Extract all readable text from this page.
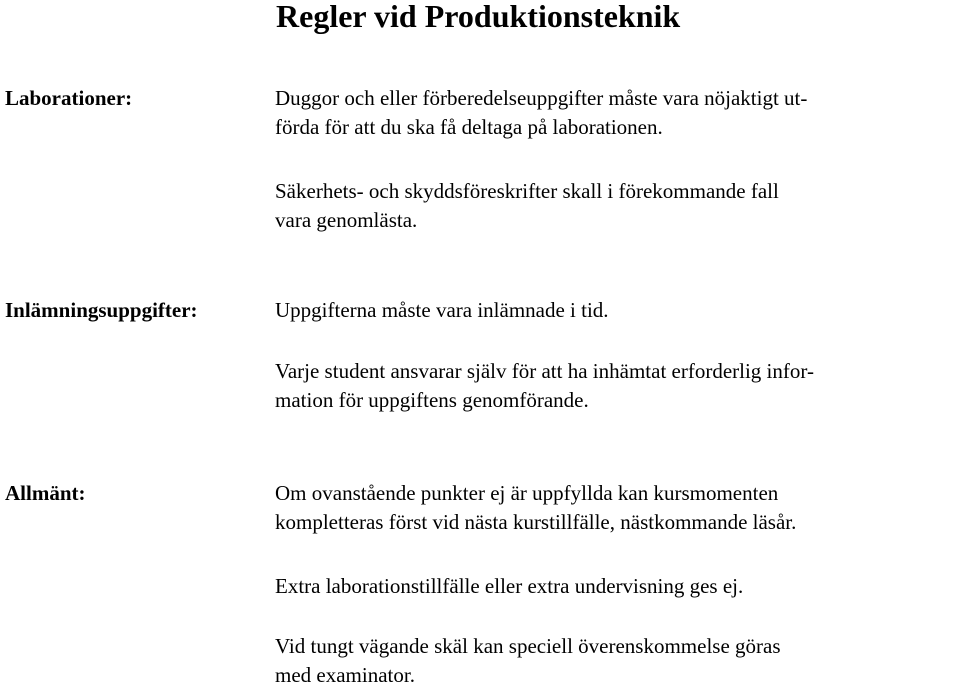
Regler vid Produktionsteknik
Laborationer:	Duggor och eller förberedelseuppgifter måste vara nöjaktigt ut-
förda för att du ska få deltaga på laborationen.

Säkerhets- och skyddsföreskrifter skall i förekommande fall
vara genomlästa.

Inlämningsuppgifter:	Uppgifterna måste vara inlämnade i tid.

Varje student ansvarar själv för att ha inhämtat erforderlig infor-
mation för uppgiftens genomförande.

Allmänt:	Om ovanstående punkter ej är uppfyllda kan kursmomenten
kompletteras först vid nästa kurstillfälle, nästkommande läsår.

Extra laborationstillfälle eller extra undervisning ges ej.

Vid tungt vägande skäl kan speciell överenskommelse göras
med examinator.
